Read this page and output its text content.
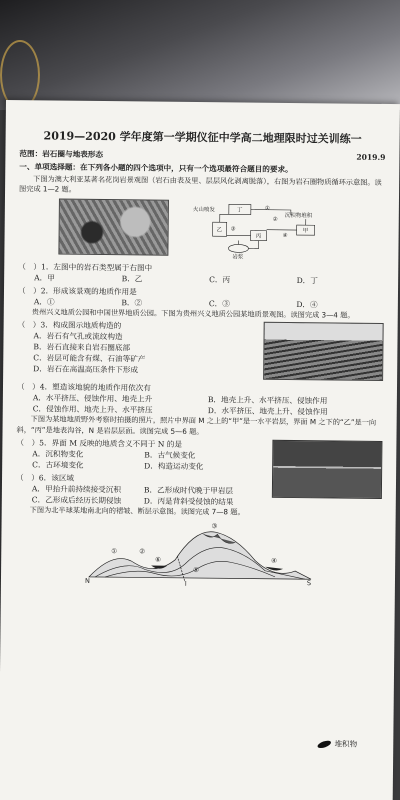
2019—2020 学年度第一学期仪征中学高二地理限时过关训练一
范围：岩石圈与地表形态	2019.9
一、单项选择题：在下列各小题的四个选项中，只有一个选项最符合题目的要求。
下图为澳大利亚某著名花岗岩景观图（岩石由表及里、层层风化剥离脱落），右图为岩石圈物质循环示意图。读图完成 1—2 题。
火山喷发	丁
乙
丙
甲
沉积物堆积
岩浆
①
②
③
④
（　）1．左图中的岩石类型属于右图中
A．甲	B．乙	C．丙	D．丁
（　）2．形成该景观的地质作用是
A．①	B．②	C．③	D．④
贵州兴义地质公园和中国世界地质公园。下图为贵州兴义地质公园某地质景观图。读图完成 3—4 题。
（　）3．构成图示地质构造的
A．岩石有气孔或流纹构造
B．岩石直接来自岩石圈底部
C．岩层可能含有煤、石油等矿产
D．岩石在高温高压条件下形成
（　）4．塑造该地貌的地质作用依次有
A．水平挤压、侵蚀作用、地壳上升	B．地壳上升、水平挤压、侵蚀作用
C．侵蚀作用、地壳上升、水平挤压	D．水平挤压、地壳上升、侵蚀作用
下图为某地地质野外考察时拍摄的照片，照片中界面 M 之上的“甲”是一水平岩层，界面 M 之下的“乙”是一向斜，“丙”是地表沟谷，N 是岩层层面。读图完成 5—6 题。
（　）5．界面 M 反映的地质含义不同于 N 的是
A．沉积物变化	B．古气候变化
C．古环境变化	D．构造运动变化
（　）6．该区域
A．甲抬升前持续接受沉积	B．乙形成时代晚于甲岩层
C．乙形成后经历长期侵蚀	D．丙是背斜受侵蚀的结果
下图为北半球某地南北向的褶皱、断层示意图。读图完成 7—8 题。
①	②
③
④
⑤
⑥
N	S
l
堆积物
